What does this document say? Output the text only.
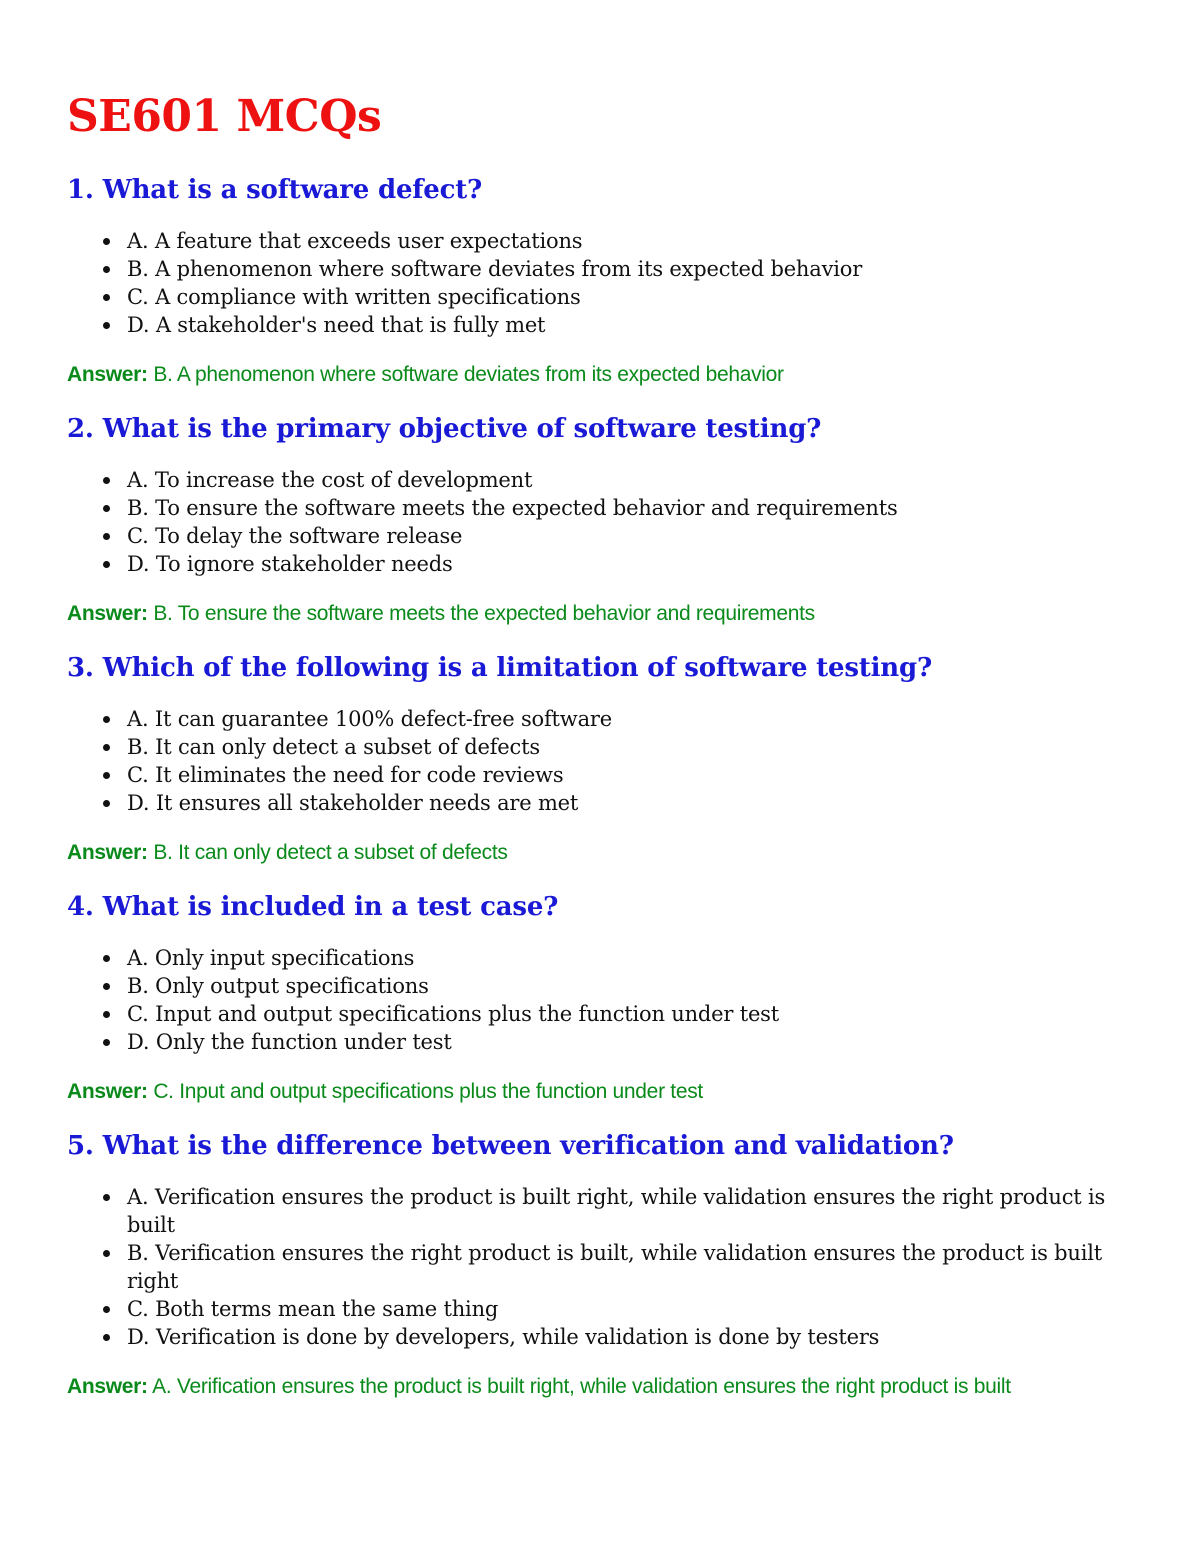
SE601 MCQs
1. What is a software defect?
A. A feature that exceeds user expectations
B. A phenomenon where software deviates from its expected behavior
C. A compliance with written specifications
D. A stakeholder's need that is fully met

Answer: B. A phenomenon where software deviates from its expected behavior

2. What is the primary objective of software testing?
A. To increase the cost of development
B. To ensure the software meets the expected behavior and requirements
C. To delay the software release
D. To ignore stakeholder needs

Answer: B. To ensure the software meets the expected behavior and requirements

3. Which of the following is a limitation of software testing?
A. It can guarantee 100% defect-free software
B. It can only detect a subset of defects
C. It eliminates the need for code reviews
D. It ensures all stakeholder needs are met

Answer: B. It can only detect a subset of defects

4. What is included in a test case?
A. Only input specifications
B. Only output specifications
C. Input and output specifications plus the function under test
D. Only the function under test

Answer: C. Input and output specifications plus the function under test

5. What is the difference between verification and validation?
A. Verification ensures the product is built right, while validation ensures the right product is built
B. Verification ensures the right product is built, while validation ensures the product is built right
C. Both terms mean the same thing
D. Verification is done by developers, while validation is done by testers

Answer: A. Verification ensures the product is built right, while validation ensures the right product is built
